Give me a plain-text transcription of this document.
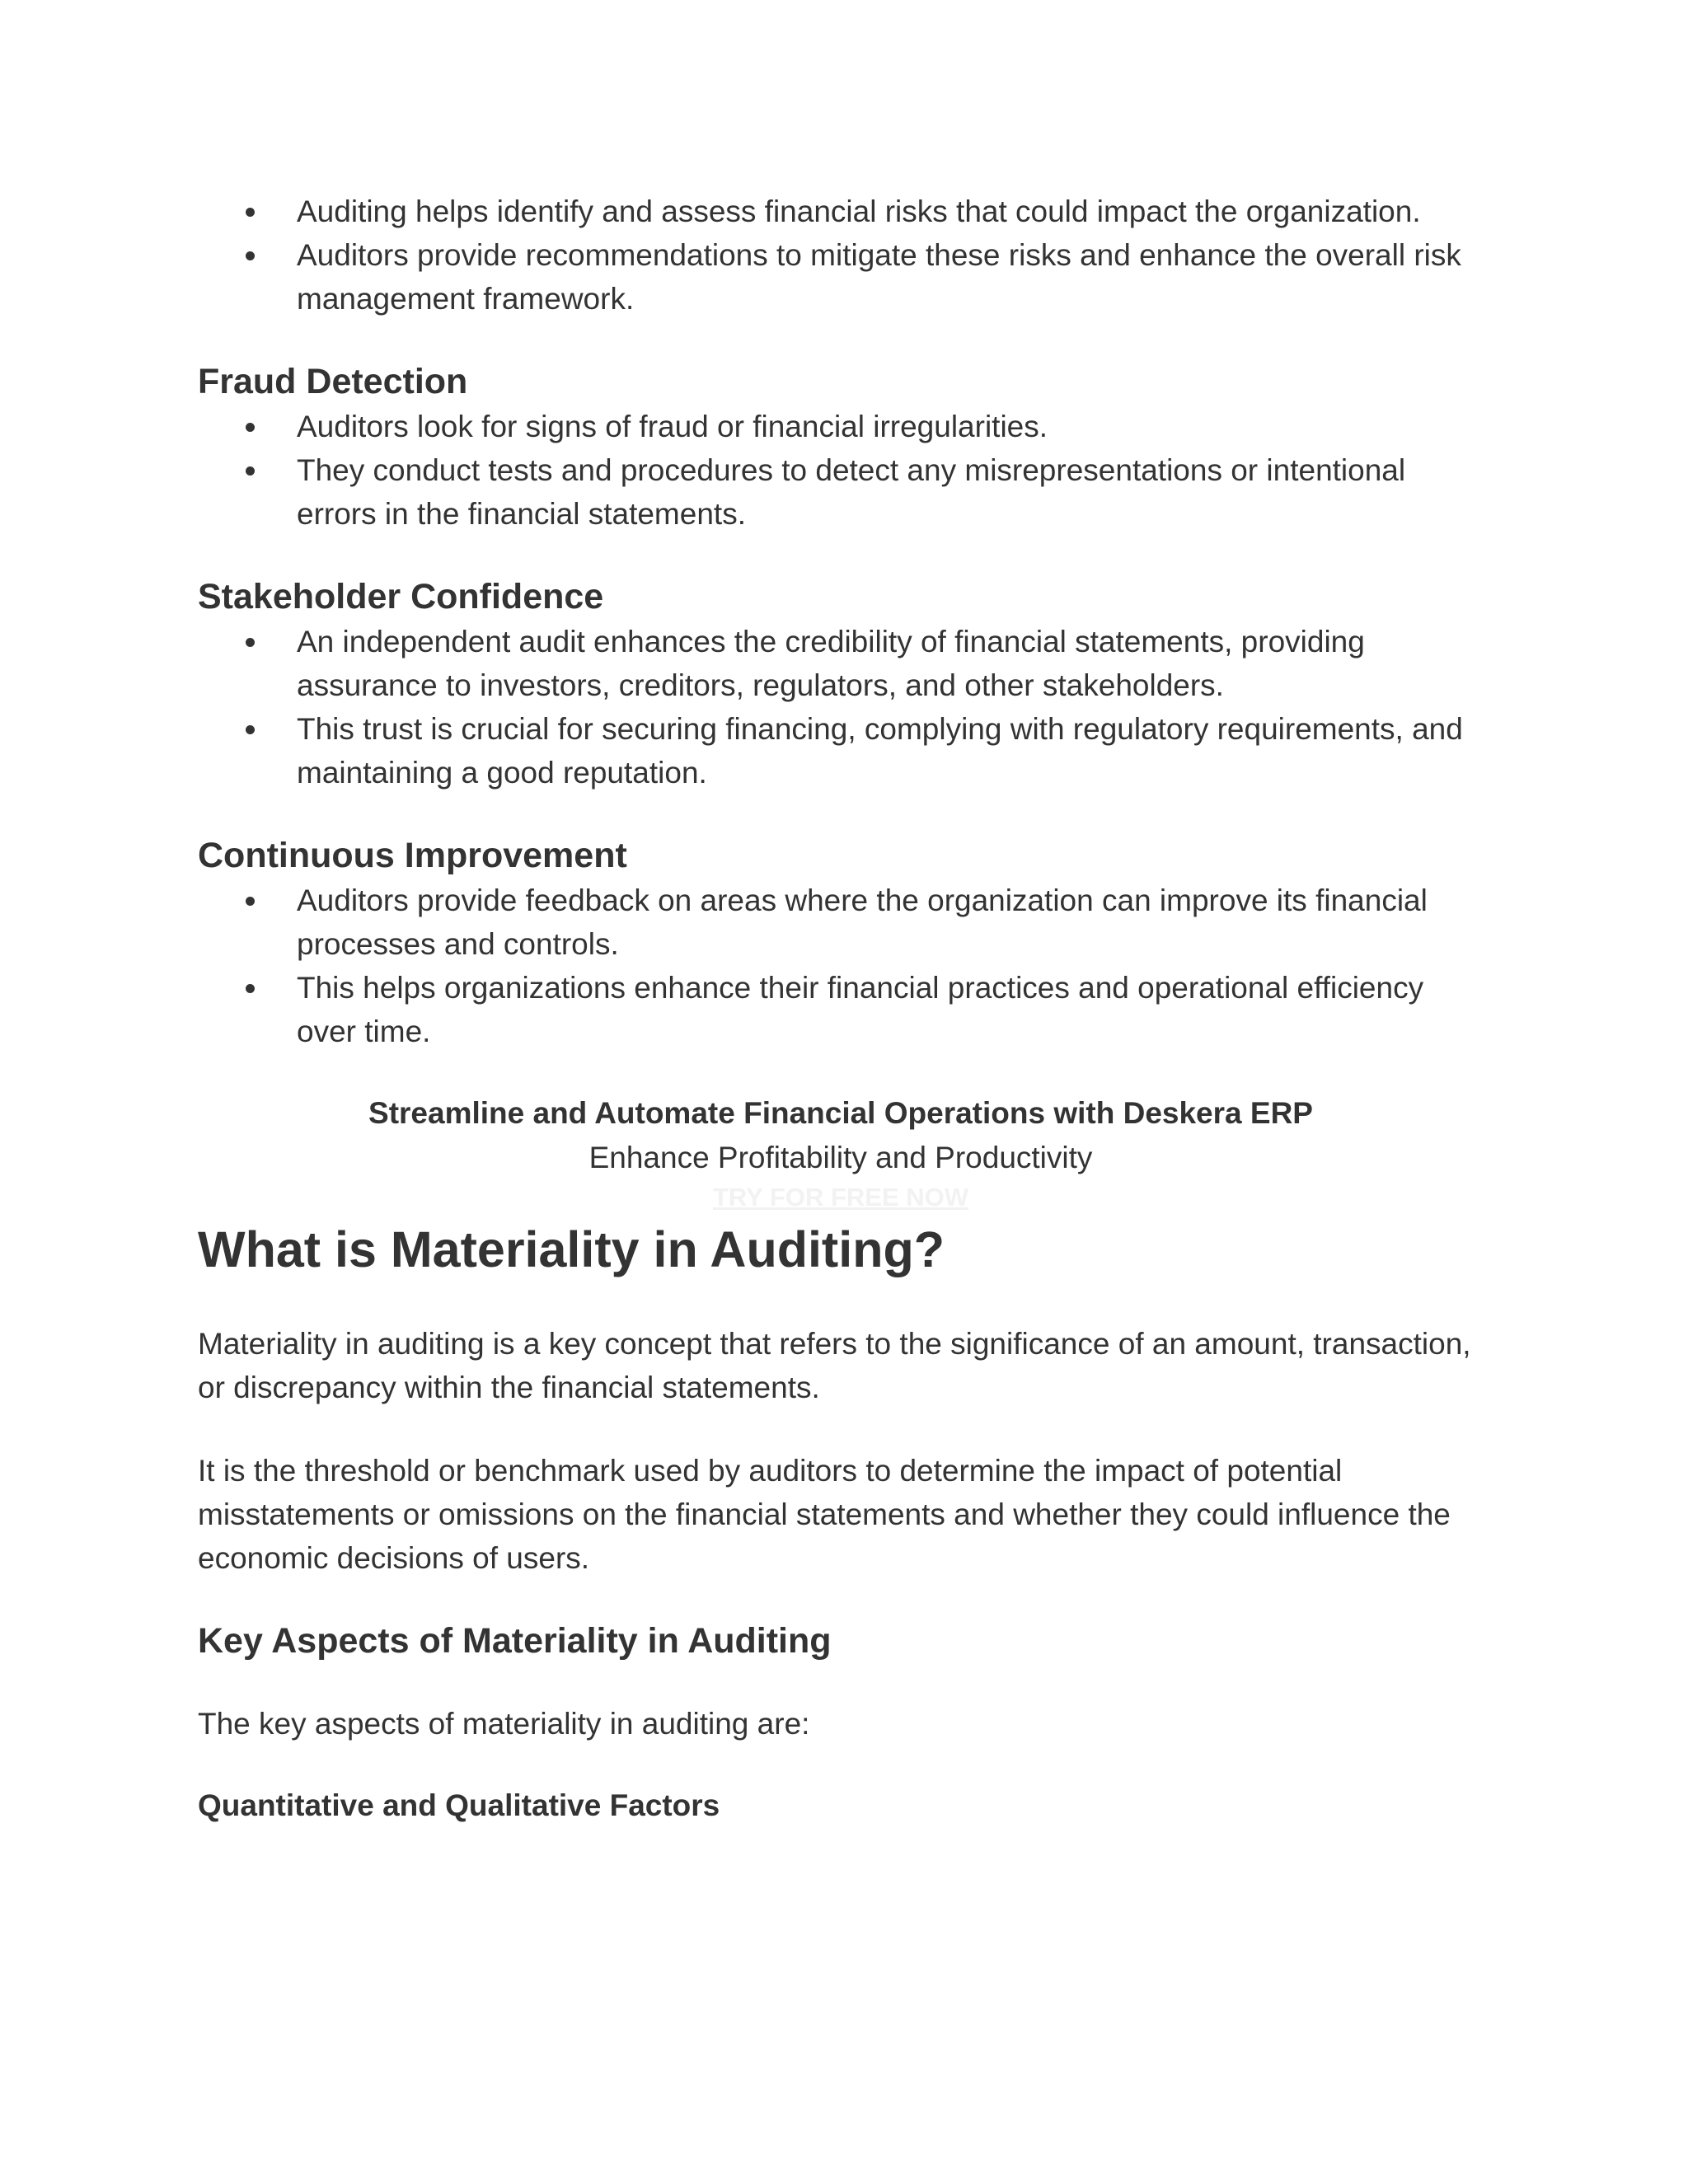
Auditing helps identify and assess financial risks that could impact the organization.
Auditors provide recommendations to mitigate these risks and enhance the overall risk management framework.
Fraud Detection
Auditors look for signs of fraud or financial irregularities.
They conduct tests and procedures to detect any misrepresentations or intentional errors in the financial statements.
Stakeholder Confidence
An independent audit enhances the credibility of financial statements, providing assurance to investors, creditors, regulators, and other stakeholders.
This trust is crucial for securing financing, complying with regulatory requirements, and maintaining a good reputation.
Continuous Improvement
Auditors provide feedback on areas where the organization can improve its financial processes and controls.
This helps organizations enhance their financial practices and operational efficiency over time.
Streamline and Automate Financial Operations with Deskera ERP
Enhance Profitability and Productivity
TRY FOR FREE NOW
What is Materiality in Auditing?

Materiality in auditing is a key concept that refers to the significance of an amount, transaction, or discrepancy within the financial statements.

It is the threshold or benchmark used by auditors to determine the impact of potential misstatements or omissions on the financial statements and whether they could influence the economic decisions of users.

Key Aspects of Materiality in Auditing

The key aspects of materiality in auditing are:

Quantitative and Qualitative Factors
